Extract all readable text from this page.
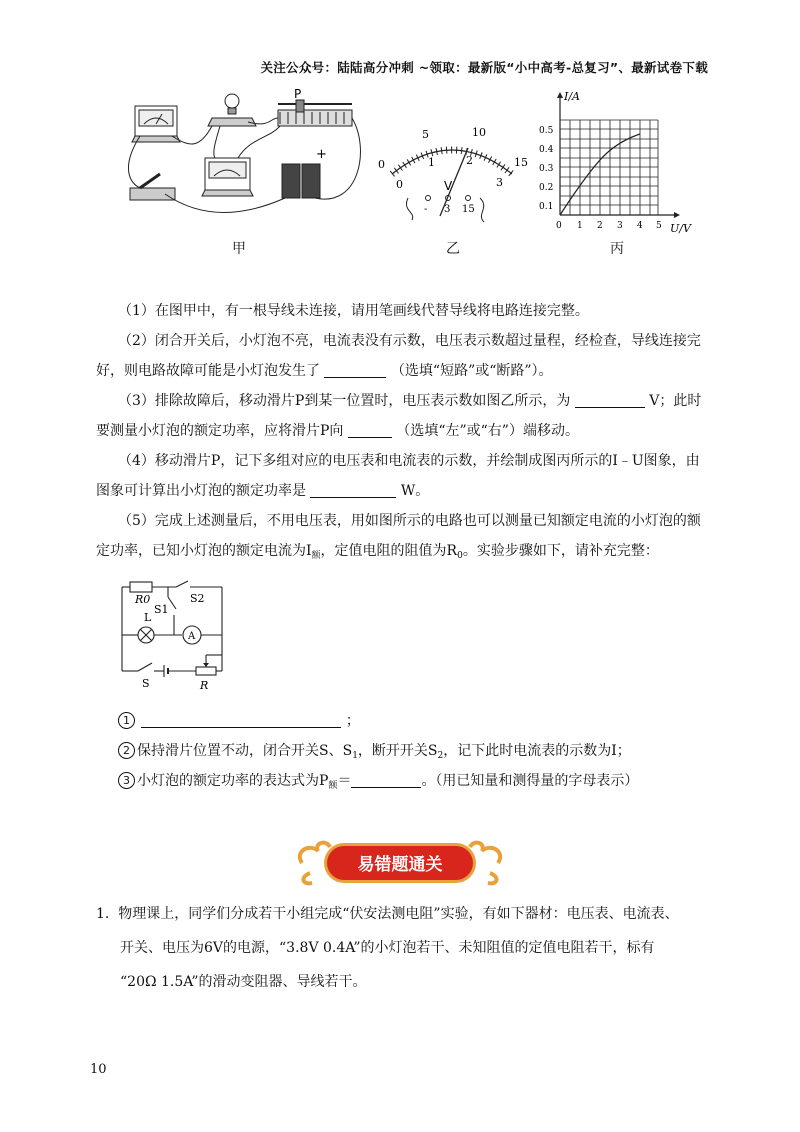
关注公众号：陆陆高分冲刺 ~领取：最新版“小中高考-总复习”、最新试卷下载
P
+
甲
0
5	10
15
0
1	2
3
V
- 3 15
乙
I/A
U/V
0.1
0.2
0.3
0.4
0.5
0 1 2 3 4 5
丙
（1）在图甲中，有一根导线未连接，请用笔画线代替导线将电路连接完整。
（2）闭合开关后，小灯泡不亮，电流表没有示数，电压表示数超过量程，经检查，导线连接完
好，则电路故障可能是小灯泡发生了	（选填“短路”或“断路”）。
（3）排除故障后，移动滑片P到某一位置时，电压表示数如图乙所示，为	V；此时
要测量小灯泡的额定功率，应将滑片P向	（选填“左”或“右”）端移动。
（4）移动滑片P，记下多组对应的电压表和电流表的示数，并绘制成图丙所示的I﹣U图象，由
图象可计算出小灯泡的额定功率是	W。
（5）完成上述测量后，不用电压表，用如图所示的电路也可以测量已知额定电流的小灯泡的额
定功率，已知小灯泡的额定电流为$I_额$，定值电阻的阻值为$R_0$。实验步骤如下，请补充完整：
R0	S2
S1
L
A
S	R
1	；
2 保持滑片位置不动，闭合开关S、$S_1$，断开开关$S_2$，记下此时电流表的示数为I；
3 小灯泡的额定功率的表达式为$P_额=$	。（用已知量和测得量的字母表示）
易错题通关
1. 物理课上，同学们分成若干小组完成“伏安法测电阻”实验，有如下器材：电压表、电流表、
开关、电压为6V的电源，“3.8V 0.4A”的小灯泡若干、未知阻值的定值电阻若干，标有
“20Ω 1.5A”的滑动变阻器、导线若干。
10
